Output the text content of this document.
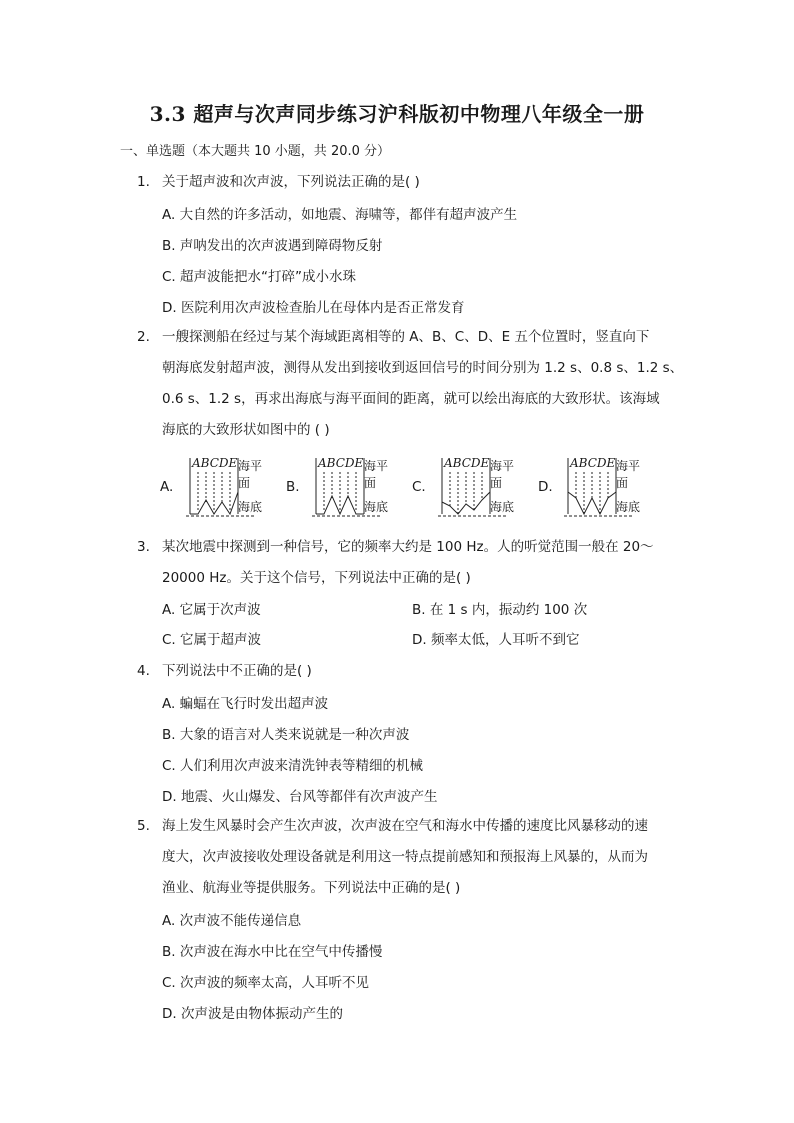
3.3 超声与次声同步练习沪科版初中物理八年级全一册
一、单选题（本大题共 10 小题，共 20.0 分）
1. 关于超声波和次声波，下列说法正确的是( )
A. 大自然的许多活动，如地震、海啸等，都伴有超声波产生
B. 声呐发出的次声波遇到障碍物反射
C. 超声波能把水“打碎”成小水珠
D. 医院利用次声波检查胎儿在母体内是否正常发育
2. 一艘探测船在经过与某个海域距离相等的 A、B、C、D、E 五个位置时，竖直向下
朝海底发射超声波，测得从发出到接收到返回信号的时间分别为 1.2 s、0.8 s、1.2 s、
0.6 s、1.2 s，再求出海底与海平面间的距离，就可以绘出海底的大致形状。该海域
海底的大致形状如图中的 ( )
A.
ABCDE 海平面
海底
B.
ABCDE 海平面
海底
C.
ABCDE 海平面
海底
D.
ABCDE 海平面
海底
3. 某次地震中探测到一种信号，它的频率大约是 100 Hz。人的听觉范围一般在 20～
20000 Hz。关于这个信号，下列说法中正确的是( )
A. 它属于次声波	B. 在 1 s 内，振动约 100 次
C. 它属于超声波	D. 频率太低，人耳听不到它
4. 下列说法中不正确的是( )
A. 蝙蝠在飞行时发出超声波
B. 大象的语言对人类来说就是一种次声波
C. 人们利用次声波来清洗钟表等精细的机械
D. 地震、火山爆发、台风等都伴有次声波产生
5. 海上发生风暴时会产生次声波，次声波在空气和海水中传播的速度比风暴移动的速
度大，次声波接收处理设备就是利用这一特点提前感知和预报海上风暴的，从而为
渔业、航海业等提供服务。下列说法中正确的是( )
A. 次声波不能传递信息
B. 次声波在海水中比在空气中传播慢
C. 次声波的频率太高，人耳听不见
D. 次声波是由物体振动产生的
